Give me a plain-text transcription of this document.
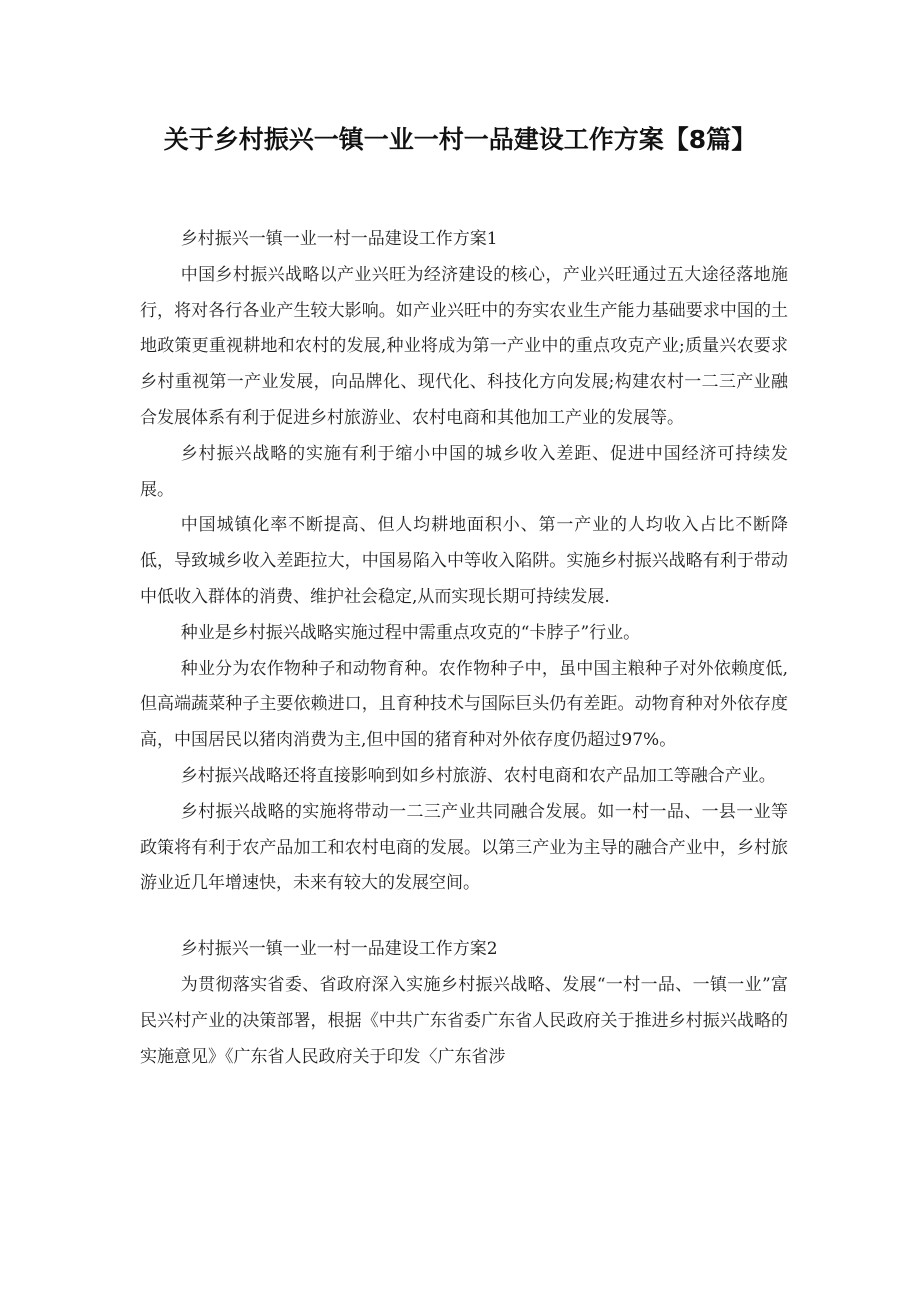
关于乡村振兴一镇一业一村一品建设工作方案【8篇】

乡村振兴一镇一业一村一品建设工作方案1

中国乡村振兴战略以产业兴旺为经济建设的核心，产业兴旺通过五大途径落地施行，将对各行各业产生较大影响。如产业兴旺中的夯实农业生产能力基础要求中国的土地政策更重视耕地和农村的发展,种业将成为第一产业中的重点攻克产业;质量兴农要求乡村重视第一产业发展，向品牌化、现代化、科技化方向发展;构建农村一二三产业融合发展体系有利于促进乡村旅游业、农村电商和其他加工产业的发展等。

乡村振兴战略的实施有利于缩小中国的城乡收入差距、促进中国经济可持续发展。

中国城镇化率不断提高、但人均耕地面积小、第一产业的人均收入占比不断降低，导致城乡收入差距拉大，中国易陷入中等收入陷阱。实施乡村振兴战略有利于带动中低收入群体的消费、维护社会稳定,从而实现长期可持续发展.

种业是乡村振兴战略实施过程中需重点攻克的“卡脖子”行业。

种业分为农作物种子和动物育种。农作物种子中，虽中国主粮种子对外依赖度低,但高端蔬菜种子主要依赖进口，且育种技术与国际巨头仍有差距。动物育种对外依存度高，中国居民以猪肉消费为主,但中国的猪育种对外依存度仍超过97%。

乡村振兴战略还将直接影响到如乡村旅游、农村电商和农产品加工等融合产业。

乡村振兴战略的实施将带动一二三产业共同融合发展。如一村一品、一县一业等政策将有利于农产品加工和农村电商的发展。以第三产业为主导的融合产业中，乡村旅游业近几年增速快，未来有较大的发展空间。

乡村振兴一镇一业一村一品建设工作方案2

为贯彻落实省委、省政府深入实施乡村振兴战略、发展“一村一品、一镇一业”富民兴村产业的决策部署，根据《中共广东省委广东省人民政府关于推进乡村振兴战略的实施意见》《广东省人民政府关于印发〈广东省涉
